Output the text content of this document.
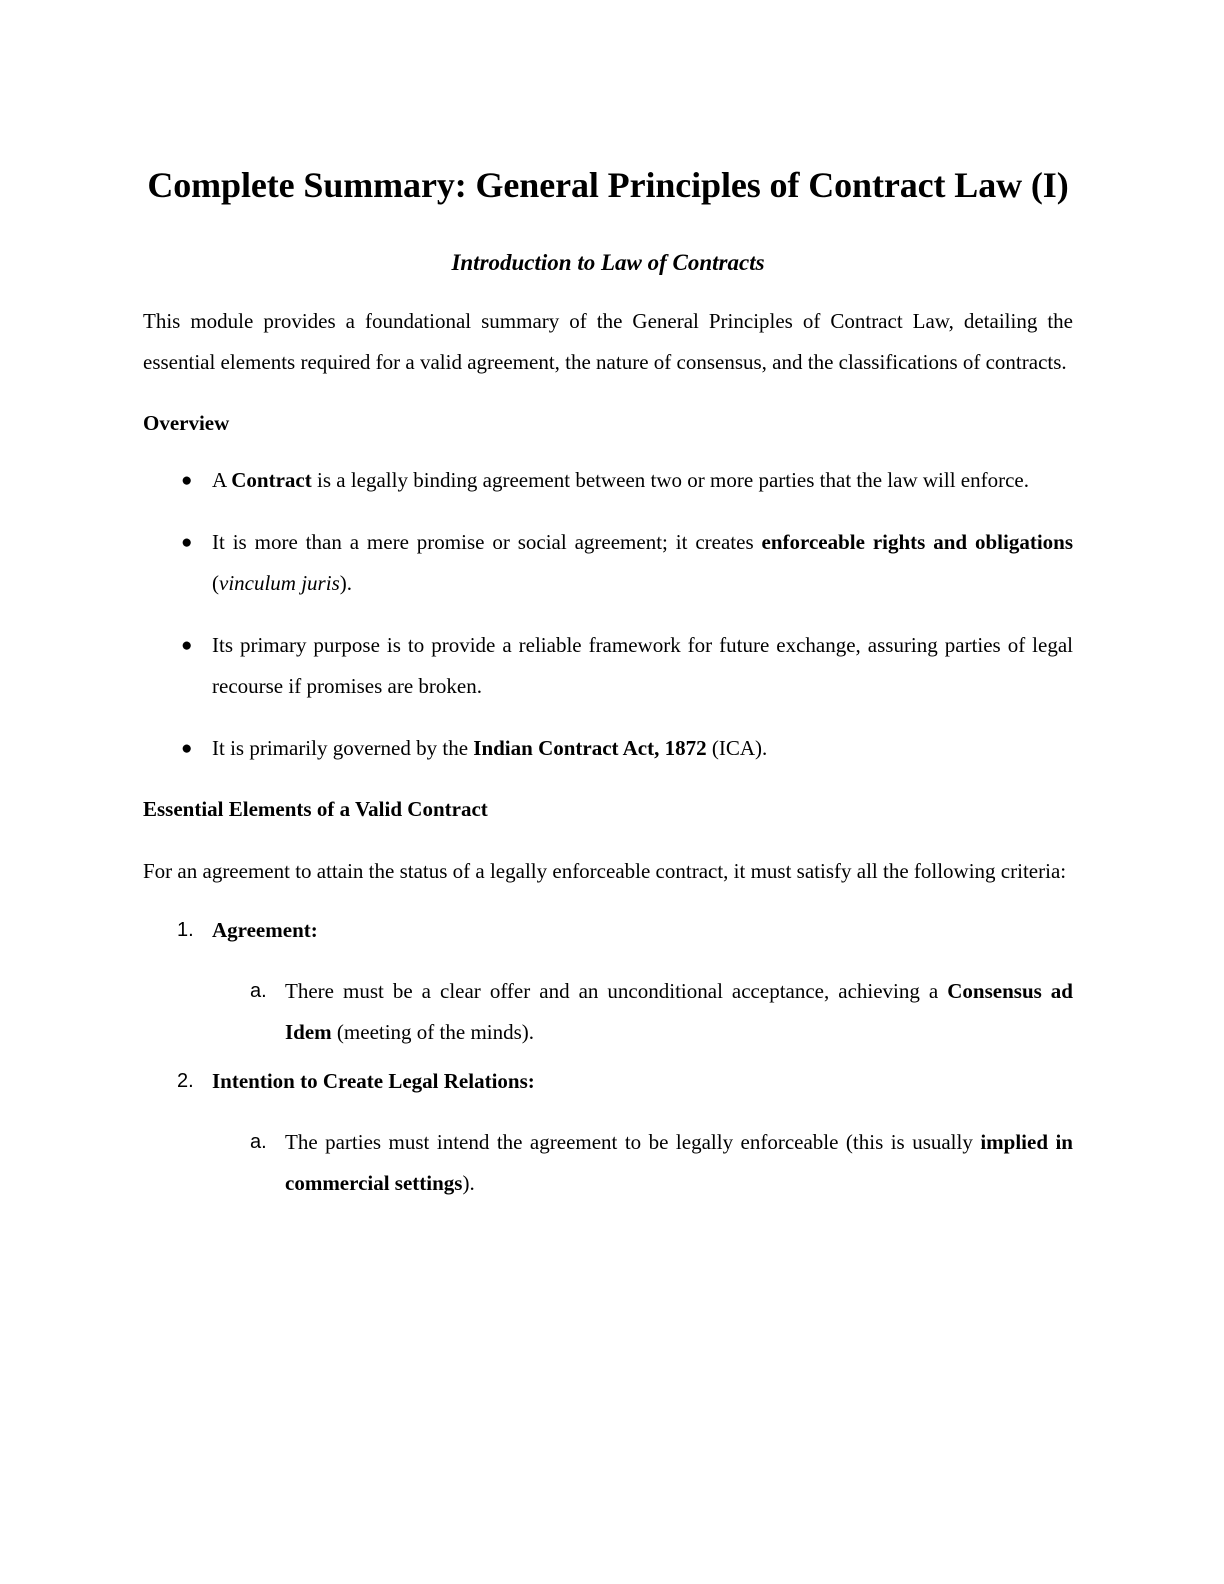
Complete Summary: General Principles of Contract Law (I)
Introduction to Law of Contracts

This module provides a foundational summary of the General Principles of Contract Law, detailing the essential elements required for a valid agreement, the nature of consensus, and the classifications of contracts.

Overview
● A Contract is a legally binding agreement between two or more parties that the law will enforce.
● It is more than a mere promise or social agreement; it creates enforceable rights and obligations (vinculum juris).
● Its primary purpose is to provide a reliable framework for future exchange, assuring parties of legal recourse if promises are broken.
● It is primarily governed by the Indian Contract Act, 1872 (ICA).
Essential Elements of a Valid Contract

For an agreement to attain the status of a legally enforceable contract, it must satisfy all the following criteria:

1. Agreement:
a. There must be a clear offer and an unconditional acceptance, achieving a Consensus ad Idem (meeting of the minds).
2. Intention to Create Legal Relations:
a. The parties must intend the agreement to be legally enforceable (this is usually implied in commercial settings).
